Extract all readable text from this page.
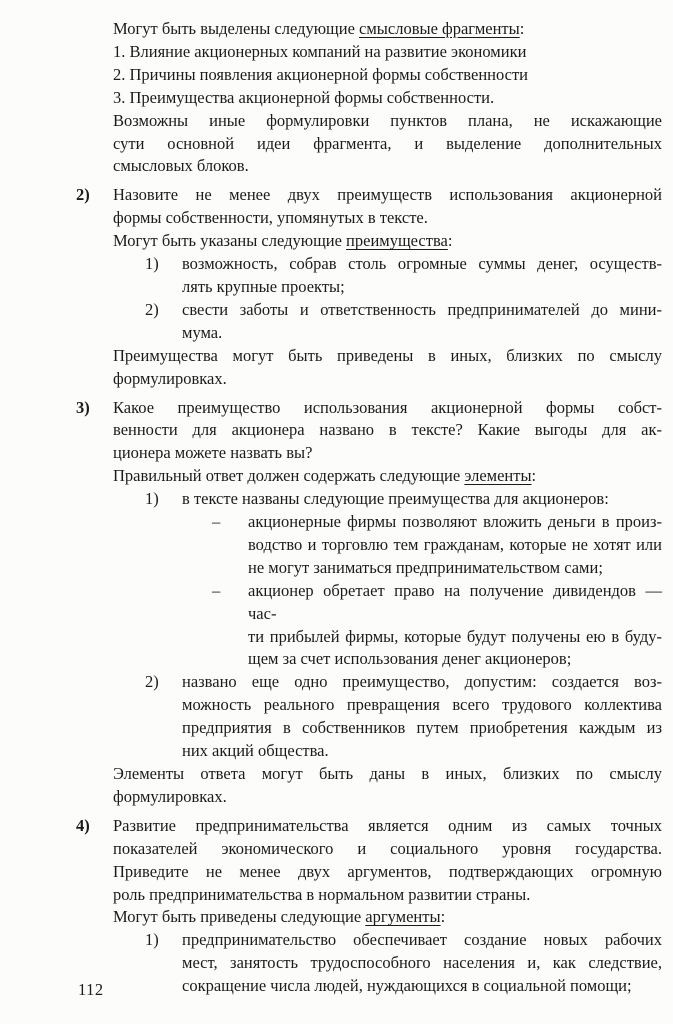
Могут быть выделены следующие смысловые фрагменты:
1. Влияние акционерных компаний на развитие экономики
2. Причины появления акционерной формы собственности
3. Преимущества акционерной формы собственности.
Возможны иные формулировки пунктов плана, не искажающие
сути основной идеи фрагмента, и выделение дополнительных
смысловых блоков.
2) Назовите не менее двух преимуществ использования акционерной
формы собственности, упомянутых в тексте.
Могут быть указаны следующие преимущества:
1) возможность, собрав столь огромные суммы денег, осуществ-
лять крупные проекты;
2) свести заботы и ответственность предпринимателей до мини-
мума.
Преимущества могут быть приведены в иных, близких по смыслу
формулировках.
3) Какое преимущество использования акционерной формы собст-
венности для акционера названо в тексте? Какие выгоды для ак-
ционера можете назвать вы?
Правильный ответ должен содержать следующие элементы:
1) в тексте названы следующие преимущества для акционеров:
– акционерные фирмы позволяют вложить деньги в произ-
водство и торговлю тем гражданам, которые не хотят или
не могут заниматься предпринимательством сами;
– акционер обретает право на получение дивидендов — час-
ти прибылей фирмы, которые будут получены ею в буду-
щем за счет использования денег акционеров;
2) названо еще одно преимущество, допустим: создается воз-
можность реального превращения всего трудового коллектива
предприятия в собственников путем приобретения каждым из
них акций общества.
Элементы ответа могут быть даны в иных, близких по смыслу
формулировках.
4) Развитие предпринимательства является одним из самых точных
показателей экономического и социального уровня государства.
Приведите не менее двух аргументов, подтверждающих огромную
роль предпринимательства в нормальном развитии страны.
Могут быть приведены следующие аргументы:
1) предпринимательство обеспечивает создание новых рабочих
мест, занятость трудоспособного населения и, как следствие,
сокращение числа людей, нуждающихся в социальной помощи;
112
